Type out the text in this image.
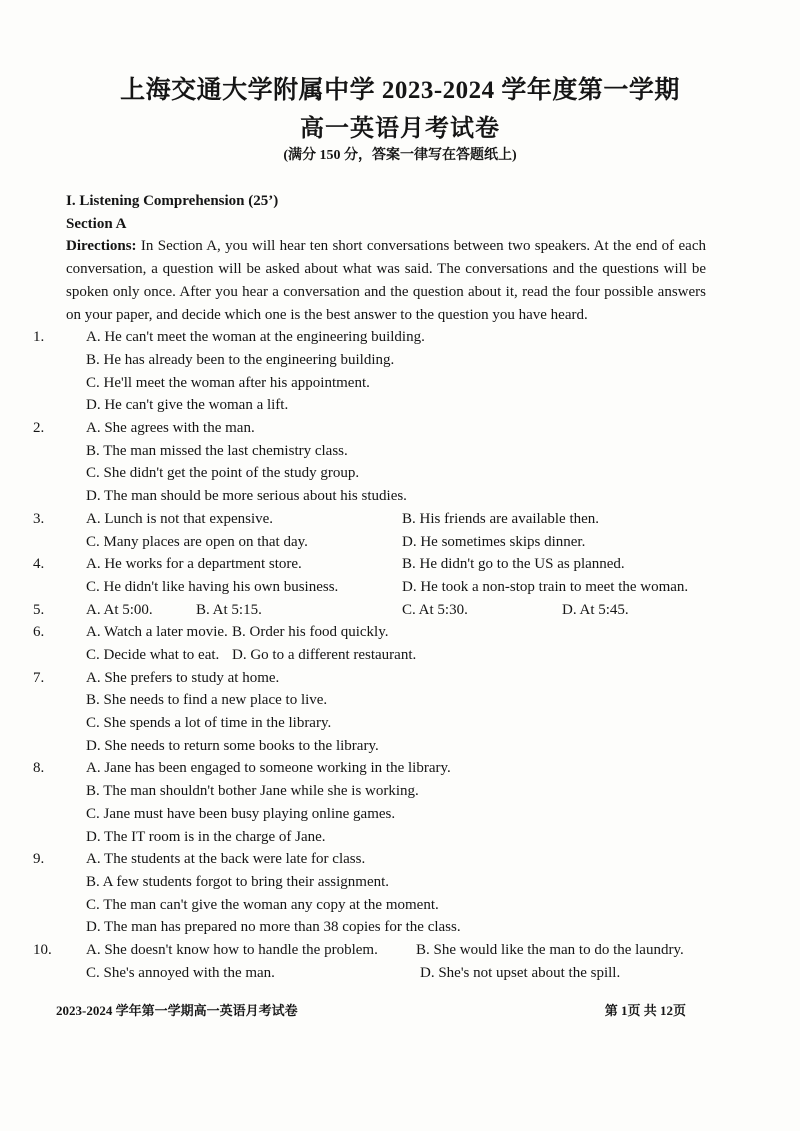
上海交通大学附属中学 2023-2024 学年度第一学期
高一英语月考试卷
(满分 150 分，答案一律写在答题纸上)
I. Listening Comprehension (25’)
Section A
Directions: In Section A, you will hear ten short conversations between two speakers. At the end of each conversation, a question will be asked about what was said. The conversations and the questions will be spoken only once. After you hear a conversation and the question about it, read the four possible answers on your paper, and decide which one is the best answer to the question you have heard.
1.	A. He can't meet the woman at the engineering building.
B. He has already been to the engineering building.
C. He'll meet the woman after his appointment.
D. He can't give the woman a lift.
2.	A. She agrees with the man.
B. The man missed the last chemistry class.
C. She didn't get the point of the study group.
D. The man should be more serious about his studies.
3.	A. Lunch is not that expensive.	B. His friends are available then.
C. Many places are open on that day.	D. He sometimes skips dinner.
4.	A. He works for a department store.	B. He didn't go to the US as planned.
C. He didn't like having his own business.	D. He took a non-stop train to meet the woman.
5.	A. At 5:00.	B. At 5:15.	C. At 5:30.	D. At 5:45.
6.	A. Watch a later movie. B. Order his food quickly.
C. Decide what to eat. D. Go to a different restaurant.
7.	A. She prefers to study at home.
B. She needs to find a new place to live.
C. She spends a lot of time in the library.
D. She needs to return some books to the library.
8.	A. Jane has been engaged to someone working in the library.
B. The man shouldn't bother Jane while she is working.
C. Jane must have been busy playing online games.
D. The IT room is in the charge of Jane.
9.	A. The students at the back were late for class.
B. A few students forgot to bring their assignment.
C. The man can't give the woman any copy at the moment.
D. The man has prepared no more than 38 copies for the class.
10. A. She doesn't know how to handle the problem.	B. She would like the man to do the laundry.
C. She's annoyed with the man.	D. She's not upset about the spill.
2023-2024 学年第一学期高一英语月考试卷	第 1页 共 12页
